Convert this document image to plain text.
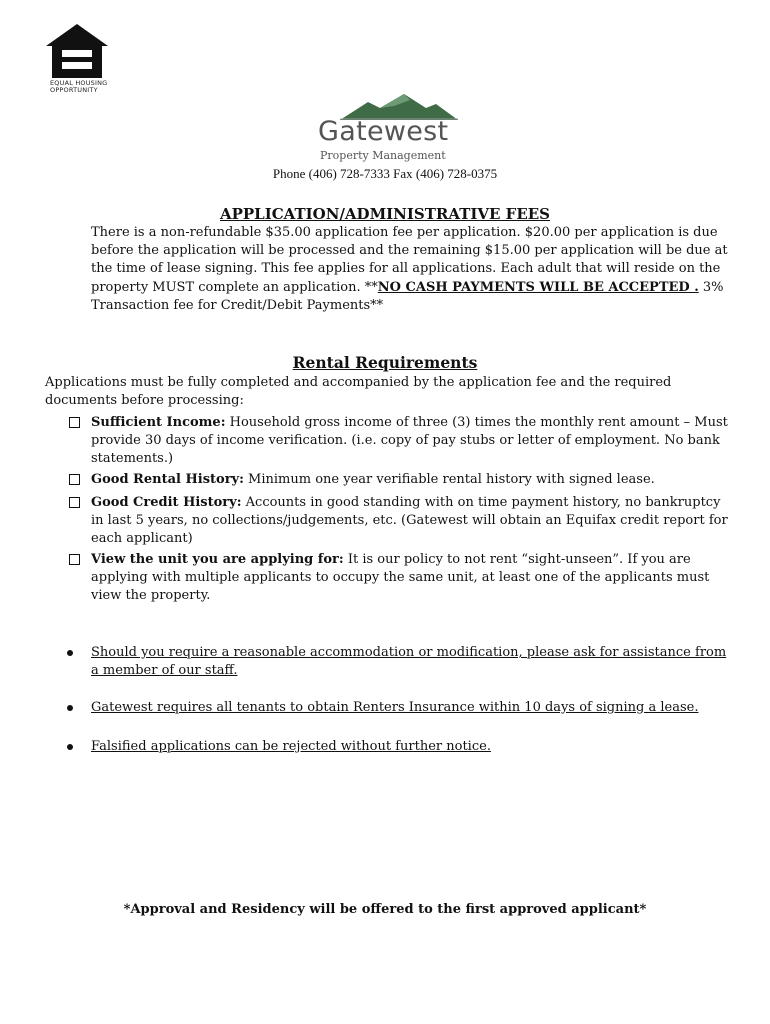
EQUAL HOUSING OPPORTUNITY
Gatewest
Property Management
Phone (406) 728-7333 Fax (406) 728-0375
APPLICATION/ADMINISTRATIVE FEES
There is a non-refundable $35.00 application fee per application. $20.00 per application is due before the application will be processed and the remaining $15.00 per application will be due at the time of lease signing. This fee applies for all applications. Each adult that will reside on the property MUST complete an application. **NO CASH PAYMENTS WILL BE ACCEPTED . 3% Transaction fee for Credit/Debit Payments**
Rental Requirements
Applications must be fully completed and accompanied by the application fee and the required documents before processing:
Sufficient Income: Household gross income of three (3) times the monthly rent amount – Must provide 30 days of income verification. (i.e. copy of pay stubs or letter of employment. No bank statements.)
Good Rental History: Minimum one year verifiable rental history with signed lease.
Good Credit History: Accounts in good standing with on time payment history, no bankruptcy in last 5 years, no collections/judgements, etc. (Gatewest will obtain an Equifax credit report for each applicant)
View the unit you are applying for: It is our policy to not rent “sight-unseen”. If you are applying with multiple applicants to occupy the same unit, at least one of the applicants must view the property.
Should you require a reasonable accommodation or modification, please ask for assistance from a member of our staff.
Gatewest requires all tenants to obtain Renters Insurance within 10 days of signing a lease.
Falsified applications can be rejected without further notice.
*Approval and Residency will be offered to the first approved applicant*
